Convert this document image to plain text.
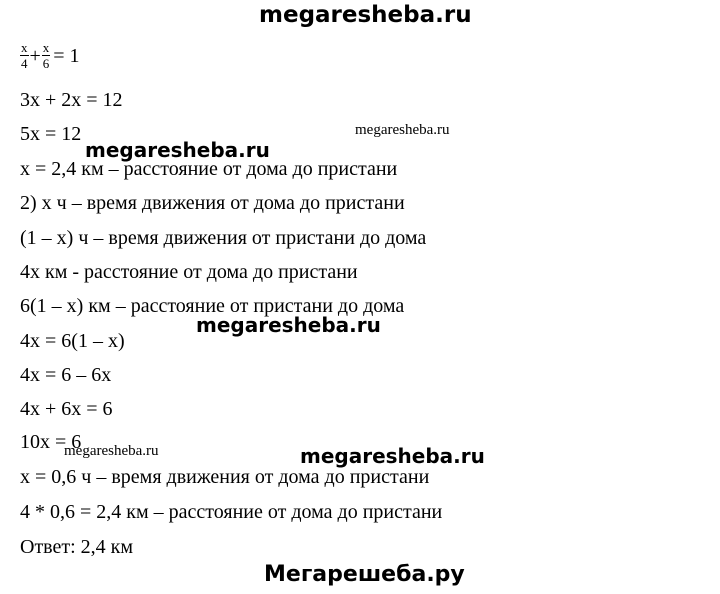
megaresheba.ru
$\frac{x}{4} + \frac{x}{6} = 1$
3x + 2x = 12
5x = 12
x = 2,4 км – расстояние от дома до пристани
2) x ч – время движения от дома до пристани
(1 – x) ч – время движения от пристани до дома
4x км - расстояние от дома до пристани
6(1 – x) км – расстояние от пристани до дома
4x = 6(1 – x)
4x = 6 – 6x
4x + 6x = 6
10x = 6
x = 0,6 ч – время движения от дома до пристани
4 * 0,6 = 2,4 км – расстояние от дома до пристани
Ответ: 2,4 км
megaresheba.ru
megaresheba.ru
megaresheba.ru
megaresheba.ru	megaresheba.ru
Мегарешеба.ру
